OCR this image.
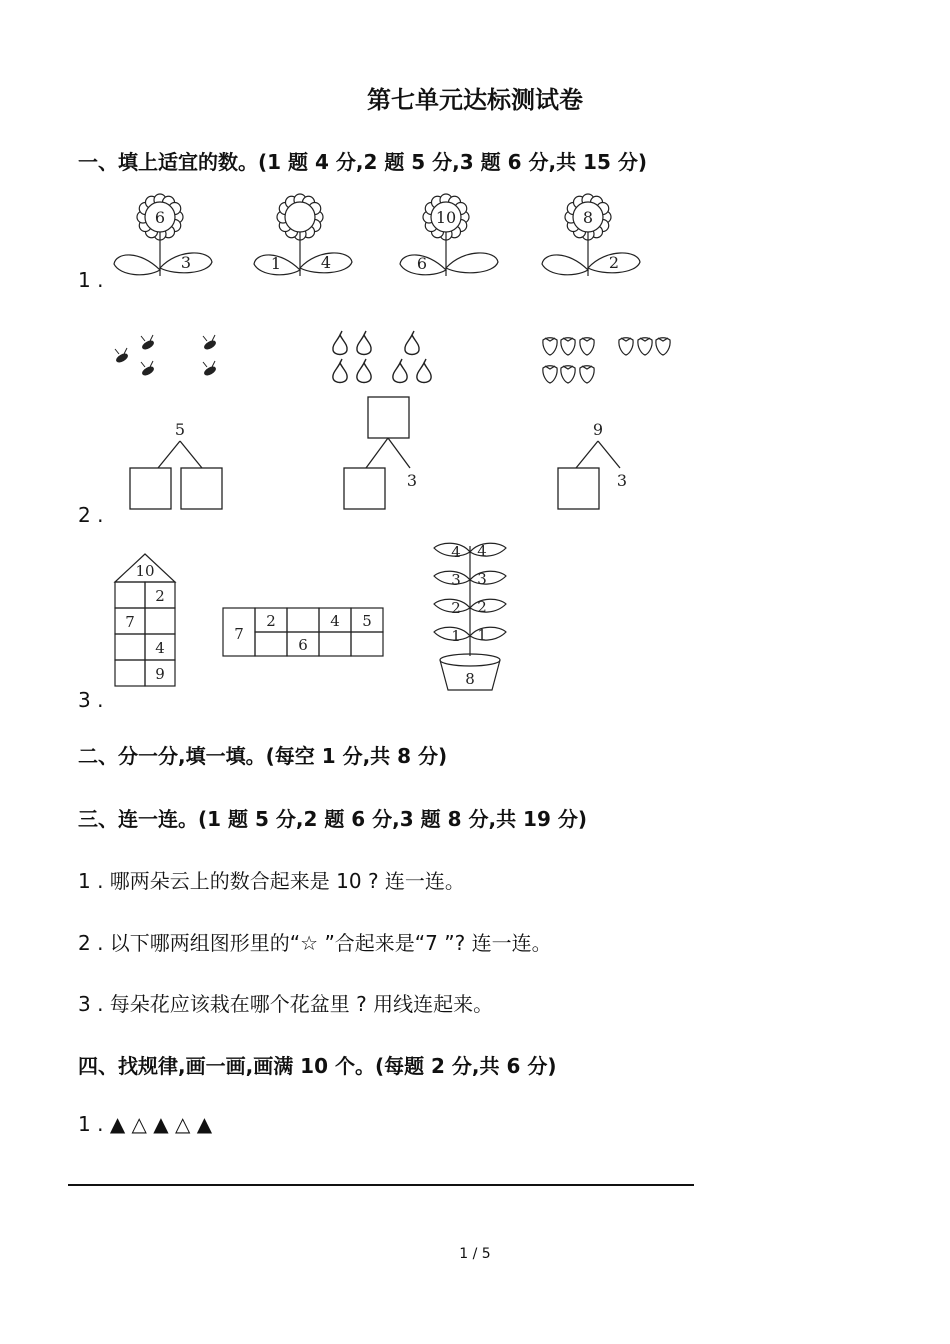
第七单元达标测试卷
一、填上适宜的数。(1 题 4 分,2 题 5 分,3 题 6 分,共 15 分)
6
3	1 4
10
6
8
2
1 .
5
3
9
3
2 .
10
2
7
4
9
7
2	4 5
6
4 4
3 3
2 2
1 1
8
3 .
二、分一分,填一填。(每空 1 分,共 8 分)
三、连一连。(1 题 5 分,2 题 6 分,3 题 8 分,共 19 分)
1 . 哪两朵云上的数合起来是 10 ? 连一连。
2 . 以下哪两组图形里的“☆ ”合起来是“7 ”? 连一连。
3 . 每朵花应该栽在哪个花盆里 ? 用线连起来。
四、找规律,画一画,画满 10 个。(每题 2 分,共 6 分)
1 . ▲ △ ▲ △ ▲
1 / 5
